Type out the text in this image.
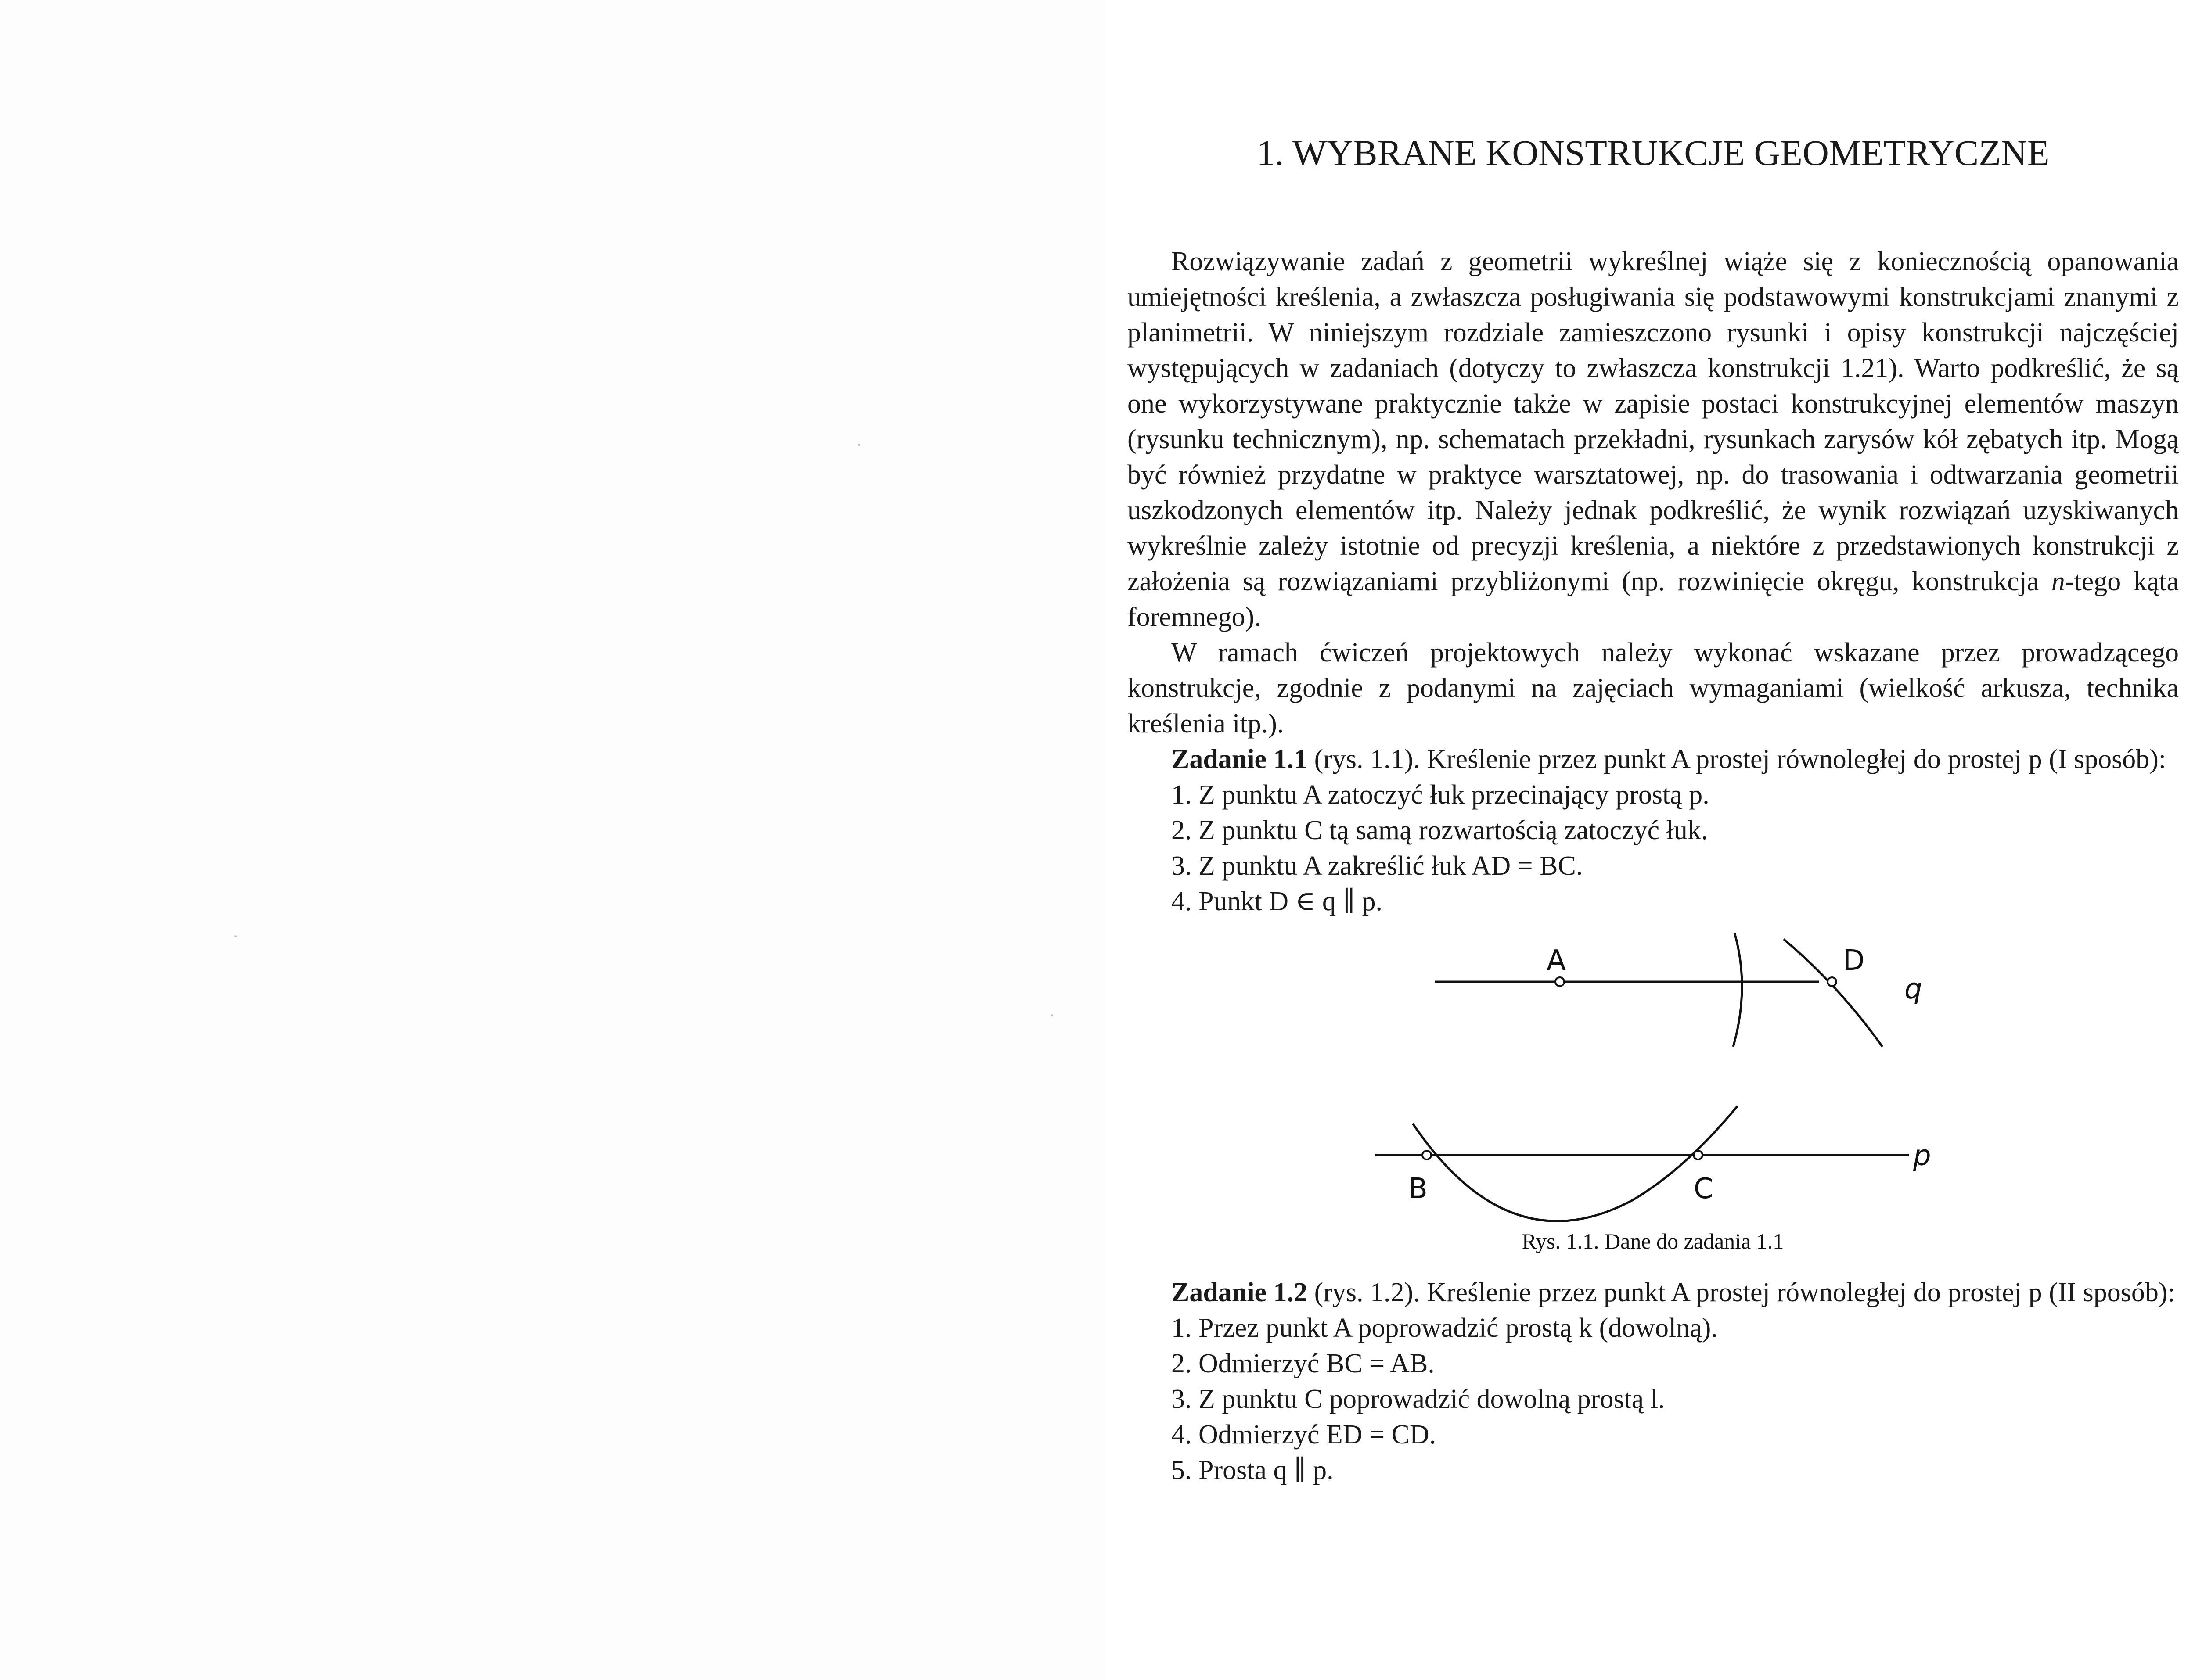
·
·
·
1. WYBRANE KONSTRUKCJE GEOMETRYCZNE

Rozwiązywanie zadań z geometrii wykreślnej wiąże się z koniecznością opanowania umiejętności kreślenia, a zwłaszcza posługiwania się podstawowymi konstrukcjami znanymi z planimetrii. W niniejszym rozdziale zamieszczono rysunki i opisy konstrukcji najczęściej występujących w zadaniach (dotyczy to zwłaszcza konstrukcji 1.21). Warto podkreślić, że są one wykorzystywane praktycznie także w zapisie postaci konstrukcyjnej elementów maszyn (rysunku technicznym), np. schematach przekładni, rysunkach zarysów kół zębatych itp. Mogą być również przydatne w praktyce warsztatowej, np. do trasowania i odtwarzania geometrii uszkodzonych elementów itp. Należy jednak podkreślić, że wynik rozwiązań uzyskiwanych wykreślnie zależy istotnie od precyzji kreślenia, a niektóre z przedstawionych konstrukcji z założenia są rozwiązaniami przybliżonymi (np. rozwinięcie okręgu, konstrukcja n-tego kąta foremnego).

W ramach ćwiczeń projektowych należy wykonać wskazane przez prowadzącego konstrukcje, zgodnie z podanymi na zajęciach wymaganiami (wielkość arkusza, technika kreślenia itp.).

Zadanie 1.1 (rys. 1.1). Kreślenie przez punkt A prostej równoległej do prostej p (I sposób):

1. Z punktu A zatoczyć łuk przecinający prostą p.
2. Z punktu C tą samą rozwartością zatoczyć łuk.
3. Z punktu A zakreślić łuk AD = BC.
4. Punkt D ∈ q ∥ p.
A	D
q
B	C
p
Rys. 1.1. Dane do zadania 1.1

Zadanie 1.2 (rys. 1.2). Kreślenie przez punkt A prostej równoległej do prostej p (II sposób):

1. Przez punkt A poprowadzić prostą k (dowolną).
2. Odmierzyć BC = AB.
3. Z punktu C poprowadzić dowolną prostą l.
4. Odmierzyć ED = CD.
5. Prosta q ∥ p.
